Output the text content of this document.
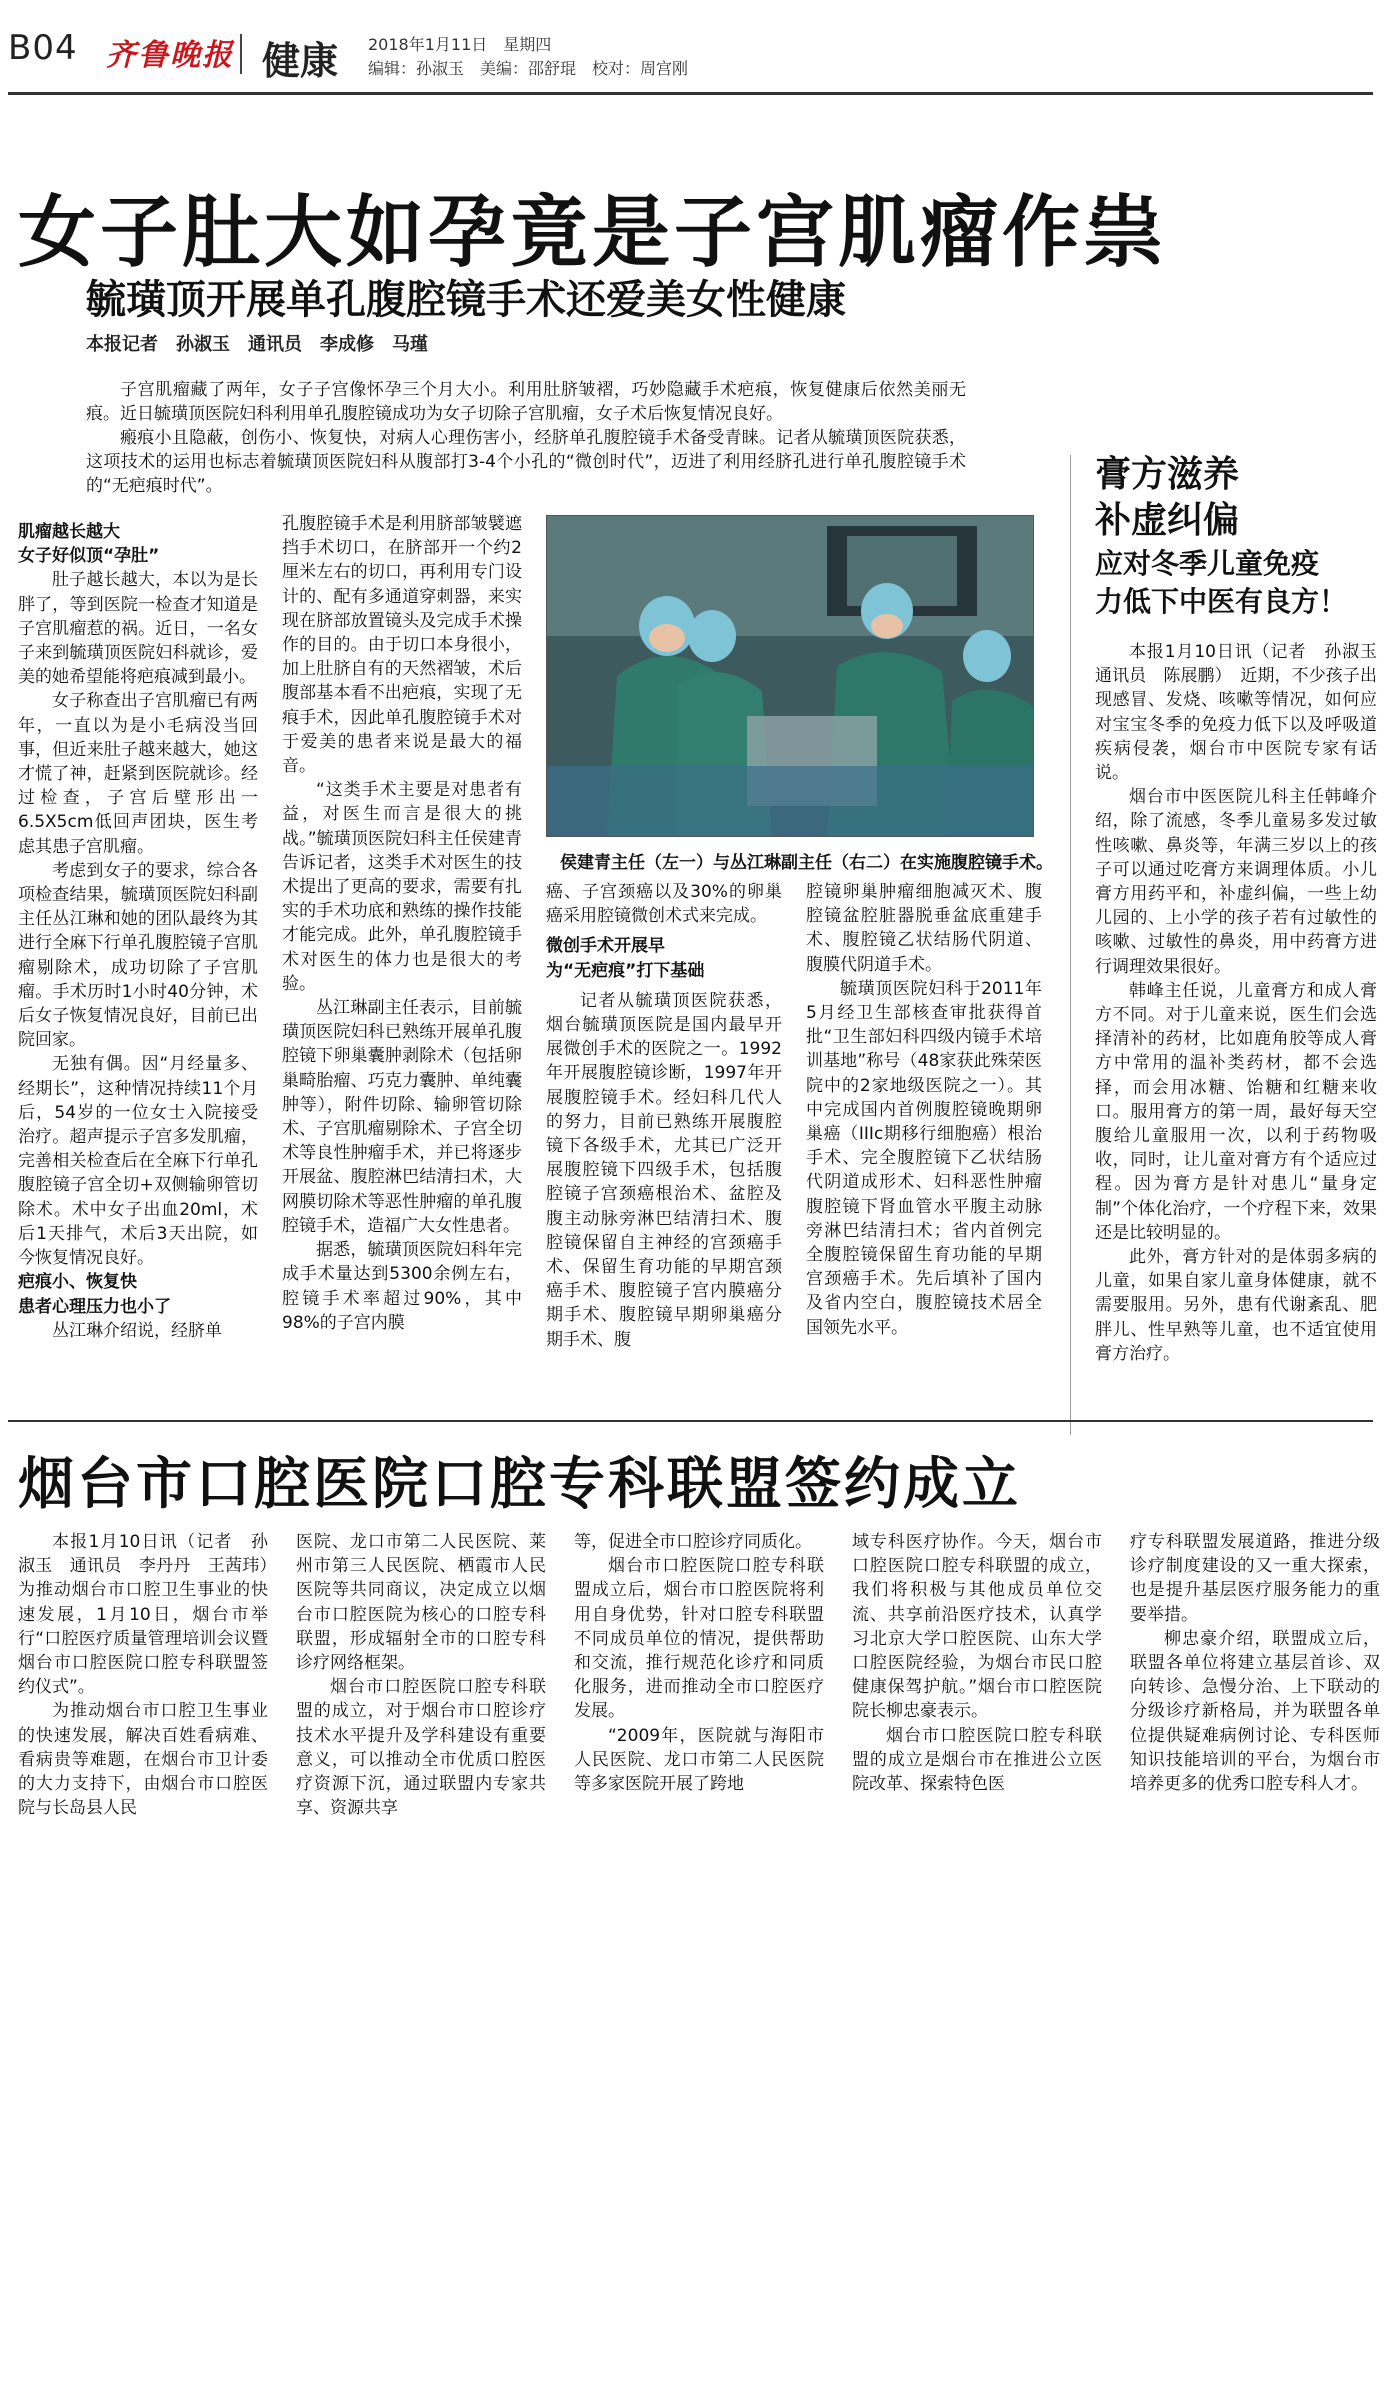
B04 齐鲁晚报 健康 2018年1月11日　星期四
编辑：孙淑玉　美编：邵舒琨　校对：周宫刚
女子肚大如孕竟是子宫肌瘤作祟
毓璜顶开展单孔腹腔镜手术还爱美女性健康
本报记者　孙淑玉　通讯员　李成修　马瑾

子宫肌瘤藏了两年，女子子宫像怀孕三个月大小。利用肚脐皱褶，巧妙隐藏手术疤痕，恢复健康后依然美丽无痕。近日毓璜顶医院妇科利用单孔腹腔镜成功为女子切除子宫肌瘤，女子术后恢复情况良好。

瘢痕小且隐蔽，创伤小、恢复快，对病人心理伤害小，经脐单孔腹腔镜手术备受青睐。记者从毓璜顶医院获悉，这项技术的运用也标志着毓璜顶医院妇科从腹部打3-4个小孔的“微创时代”，迈进了利用经脐孔进行单孔腹腔镜手术的“无疤痕时代”。

肌瘤越长越大

女子好似顶“孕肚”

肚子越长越大，本以为是长胖了，等到医院一检查才知道是子宫肌瘤惹的祸。近日，一名女子来到毓璜顶医院妇科就诊，爱美的她希望能将疤痕减到最小。

女子称查出子宫肌瘤已有两年，一直以为是小毛病没当回事，但近来肚子越来越大，她这才慌了神，赶紧到医院就诊。经过检查，子宫后壁形出一6.5X5cm低回声团块，医生考虑其患子宫肌瘤。

考虑到女子的要求，综合各项检查结果，毓璜顶医院妇科副主任丛江琳和她的团队最终为其进行全麻下行单孔腹腔镜子宫肌瘤剔除术，成功切除了子宫肌瘤。手术历时1小时40分钟，术后女子恢复情况良好，目前已出院回家。

无独有偶。因“月经量多、经期长”，这种情况持续11个月后，54岁的一位女士入院接受治疗。超声提示子宫多发肌瘤，完善相关检查后在全麻下行单孔腹腔镜子宫全切+双侧输卵管切除术。术中女子出血20ml，术后1天排气，术后3天出院，如今恢复情况良好。

疤痕小、恢复快

患者心理压力也小了

丛江琳介绍说，经脐单

孔腹腔镜手术是利用脐部皱襞遮挡手术切口，在脐部开一个约2厘米左右的切口，再利用专门设计的、配有多通道穿刺器，来实现在脐部放置镜头及完成手术操作的目的。由于切口本身很小，加上肚脐自有的天然褶皱，术后腹部基本看不出疤痕，实现了无痕手术，因此单孔腹腔镜手术对于爱美的患者来说是最大的福音。

“这类手术主要是对患者有益，对医生而言是很大的挑战。”毓璜顶医院妇科主任侯建青告诉记者，这类手术对医生的技术提出了更高的要求，需要有扎实的手术功底和熟练的操作技能才能完成。此外，单孔腹腔镜手术对医生的体力也是很大的考验。

丛江琳副主任表示，目前毓璜顶医院妇科已熟练开展单孔腹腔镜下卵巢囊肿剥除术（包括卵巢畸胎瘤、巧克力囊肿、单纯囊肿等），附件切除、输卵管切除术、子宫肌瘤剔除术、子宫全切术等良性肿瘤手术，并已将逐步开展盆、腹腔淋巴结清扫术，大网膜切除术等恶性肿瘤的单孔腹腔镜手术，造福广大女性患者。

据悉，毓璜顶医院妇科年完成手术量达到5300余例左右，腔镜手术率超过90%，其中98%的子宫内膜

侯建青主任（左一）与丛江琳副主任（右二）在实施腹腔镜手术。

癌、子宫颈癌以及30%的卵巢癌采用腔镜微创术式来完成。

微创手术开展早

为“无疤痕”打下基础

记者从毓璜顶医院获悉，烟台毓璜顶医院是国内最早开展微创手术的医院之一。1992年开展腹腔镜诊断，1997年开展腹腔镜手术。经妇科几代人的努力，目前已熟练开展腹腔镜下各级手术，尤其已广泛开展腹腔镜下四级手术，包括腹腔镜子宫颈癌根治术、盆腔及腹主动脉旁淋巴结清扫术、腹腔镜保留自主神经的宫颈癌手术、保留生育功能的早期宫颈癌手术、腹腔镜子宫内膜癌分期手术、腹腔镜早期卵巢癌分期手术、腹

腔镜卵巢肿瘤细胞减灭术、腹腔镜盆腔脏器脱垂盆底重建手术、腹腔镜乙状结肠代阴道、腹膜代阴道手术。

毓璜顶医院妇科于2011年5月经卫生部核查审批获得首批“卫生部妇科四级内镜手术培训基地”称号（48家获此殊荣医院中的2家地级医院之一）。其中完成国内首例腹腔镜晚期卵巢癌（IIIc期移行细胞癌）根治手术、完全腹腔镜下乙状结肠代阴道成形术、妇科恶性肿瘤腹腔镜下肾血管水平腹主动脉旁淋巴结清扫术；省内首例完全腹腔镜保留生育功能的早期宫颈癌手术。先后填补了国内及省内空白，腹腔镜技术居全国领先水平。

膏方滋养
补虚纠偏
应对冬季儿童免疫
力低下中医有良方！

本报1月10日讯（记者　孙淑玉　通讯员　陈展鹏）　近期，不少孩子出现感冒、发烧、咳嗽等情况，如何应对宝宝冬季的免疫力低下以及呼吸道疾病侵袭，烟台市中医院专家有话说。

烟台市中医医院儿科主任韩峰介绍，除了流感，冬季儿童易多发过敏性咳嗽、鼻炎等，年满三岁以上的孩子可以通过吃膏方来调理体质。小儿膏方用药平和，补虚纠偏，一些上幼儿园的、上小学的孩子若有过敏性的咳嗽、过敏性的鼻炎，用中药膏方进行调理效果很好。

韩峰主任说，儿童膏方和成人膏方不同。对于儿童来说，医生们会选择清补的药材，比如鹿角胶等成人膏方中常用的温补类药材，都不会选择，而会用冰糖、饴糖和红糖来收口。服用膏方的第一周，最好每天空腹给儿童服用一次，以利于药物吸收，同时，让儿童对膏方有个适应过程。因为膏方是针对患儿“量身定制”个体化治疗，一个疗程下来，效果还是比较明显的。

此外，膏方针对的是体弱多病的儿童，如果自家儿童身体健康，就不需要服用。另外，患有代谢紊乱、肥胖儿、性早熟等儿童，也不适宜使用膏方治疗。

烟台市口腔医院口腔专科联盟签约成立

本报1月10日讯（记者　孙淑玉　通讯员　李丹丹　王茜玮）　为推动烟台市口腔卫生事业的快速发展，1月10日，烟台市举行“口腔医疗质量管理培训会议暨烟台市口腔医院口腔专科联盟签约仪式”。

为推动烟台市口腔卫生事业的快速发展，解决百姓看病难、看病贵等难题，在烟台市卫计委的大力支持下，由烟台市口腔医院与长岛县人民

医院、龙口市第二人民医院、莱州市第三人民医院、栖霞市人民医院等共同商议，决定成立以烟台市口腔医院为核心的口腔专科联盟，形成辐射全市的口腔专科诊疗网络框架。

烟台市口腔医院口腔专科联盟的成立，对于烟台市口腔诊疗技术水平提升及学科建设有重要意义，可以推动全市优质口腔医疗资源下沉，通过联盟内专家共享、资源共享

等，促进全市口腔诊疗同质化。

烟台市口腔医院口腔专科联盟成立后，烟台市口腔医院将利用自身优势，针对口腔专科联盟不同成员单位的情况，提供帮助和交流，推行规范化诊疗和同质化服务，进而推动全市口腔医疗发展。

“2009年，医院就与海阳市人民医院、龙口市第二人民医院等多家医院开展了跨地

域专科医疗协作。今天，烟台市口腔医院口腔专科联盟的成立，我们将积极与其他成员单位交流、共享前沿医疗技术，认真学习北京大学口腔医院、山东大学口腔医院经验，为烟台市民口腔健康保驾护航。”烟台市口腔医院院长柳忠豪表示。

烟台市口腔医院口腔专科联盟的成立是烟台市在推进公立医院改革、探索特色医

疗专科联盟发展道路，推进分级诊疗制度建设的又一重大探索，也是提升基层医疗服务能力的重要举措。

柳忠豪介绍，联盟成立后，联盟各单位将建立基层首诊、双向转诊、急慢分治、上下联动的分级诊疗新格局，并为联盟各单位提供疑难病例讨论、专科医师知识技能培训的平台，为烟台市培养更多的优秀口腔专科人才。
